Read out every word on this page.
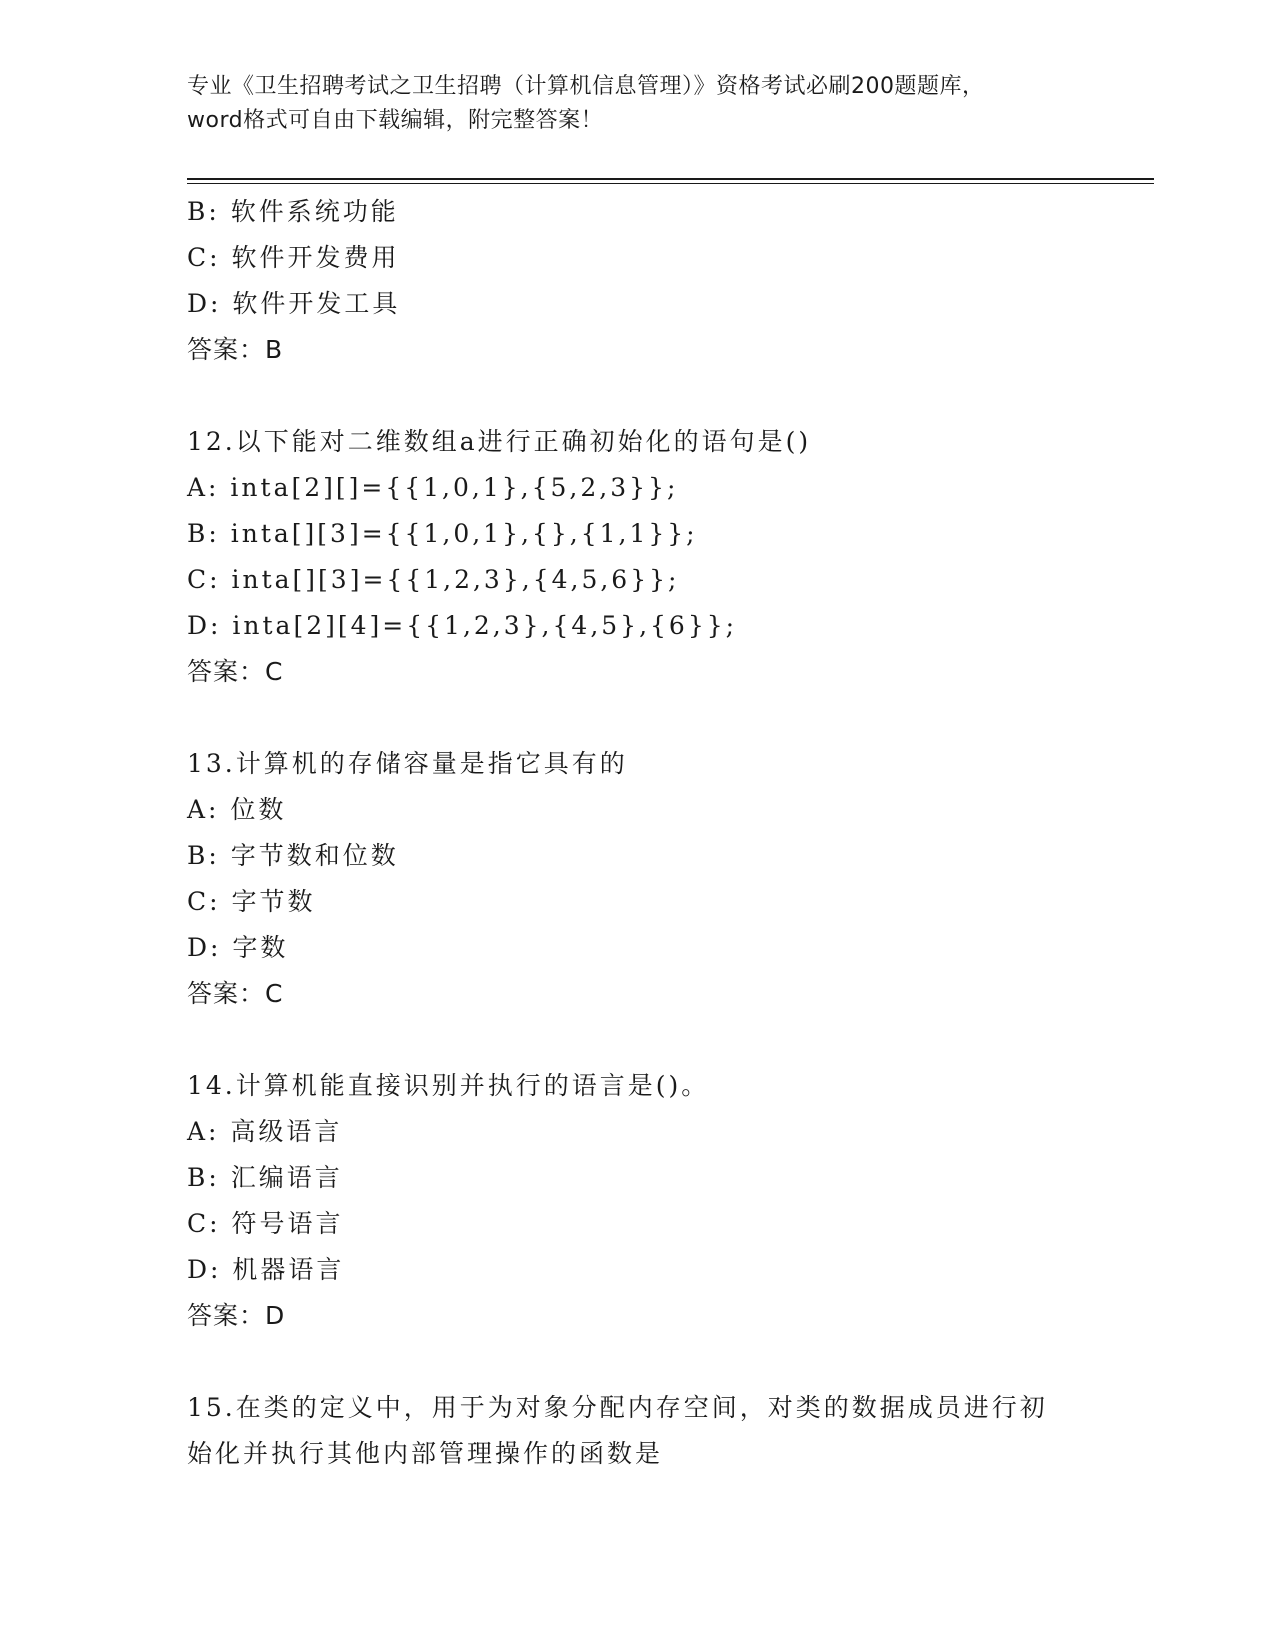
专业《卫生招聘考试之卫生招聘（计算机信息管理）》资格考试必刷200题题库，
word格式可自由下载编辑，附完整答案！
B: 软件系统功能
C: 软件开发费用
D: 软件开发工具
答案：B
12.以下能对二维数组a进行正确初始化的语句是()
A: inta[2][]={{1,0,1},{5,2,3}};
B: inta[][3]={{1,0,1},{},{1,1}};
C: inta[][3]={{1,2,3},{4,5,6}};
D: inta[2][4]={{1,2,3},{4,5},{6}};
答案：C
13.计算机的存储容量是指它具有的
A: 位数
B: 字节数和位数
C: 字节数
D: 字数
答案：C
14.计算机能直接识别并执行的语言是()。
A: 高级语言
B: 汇编语言
C: 符号语言
D: 机器语言
答案：D
15.在类的定义中，用于为对象分配内存空间，对类的数据成员进行初
始化并执行其他内部管理操作的函数是
